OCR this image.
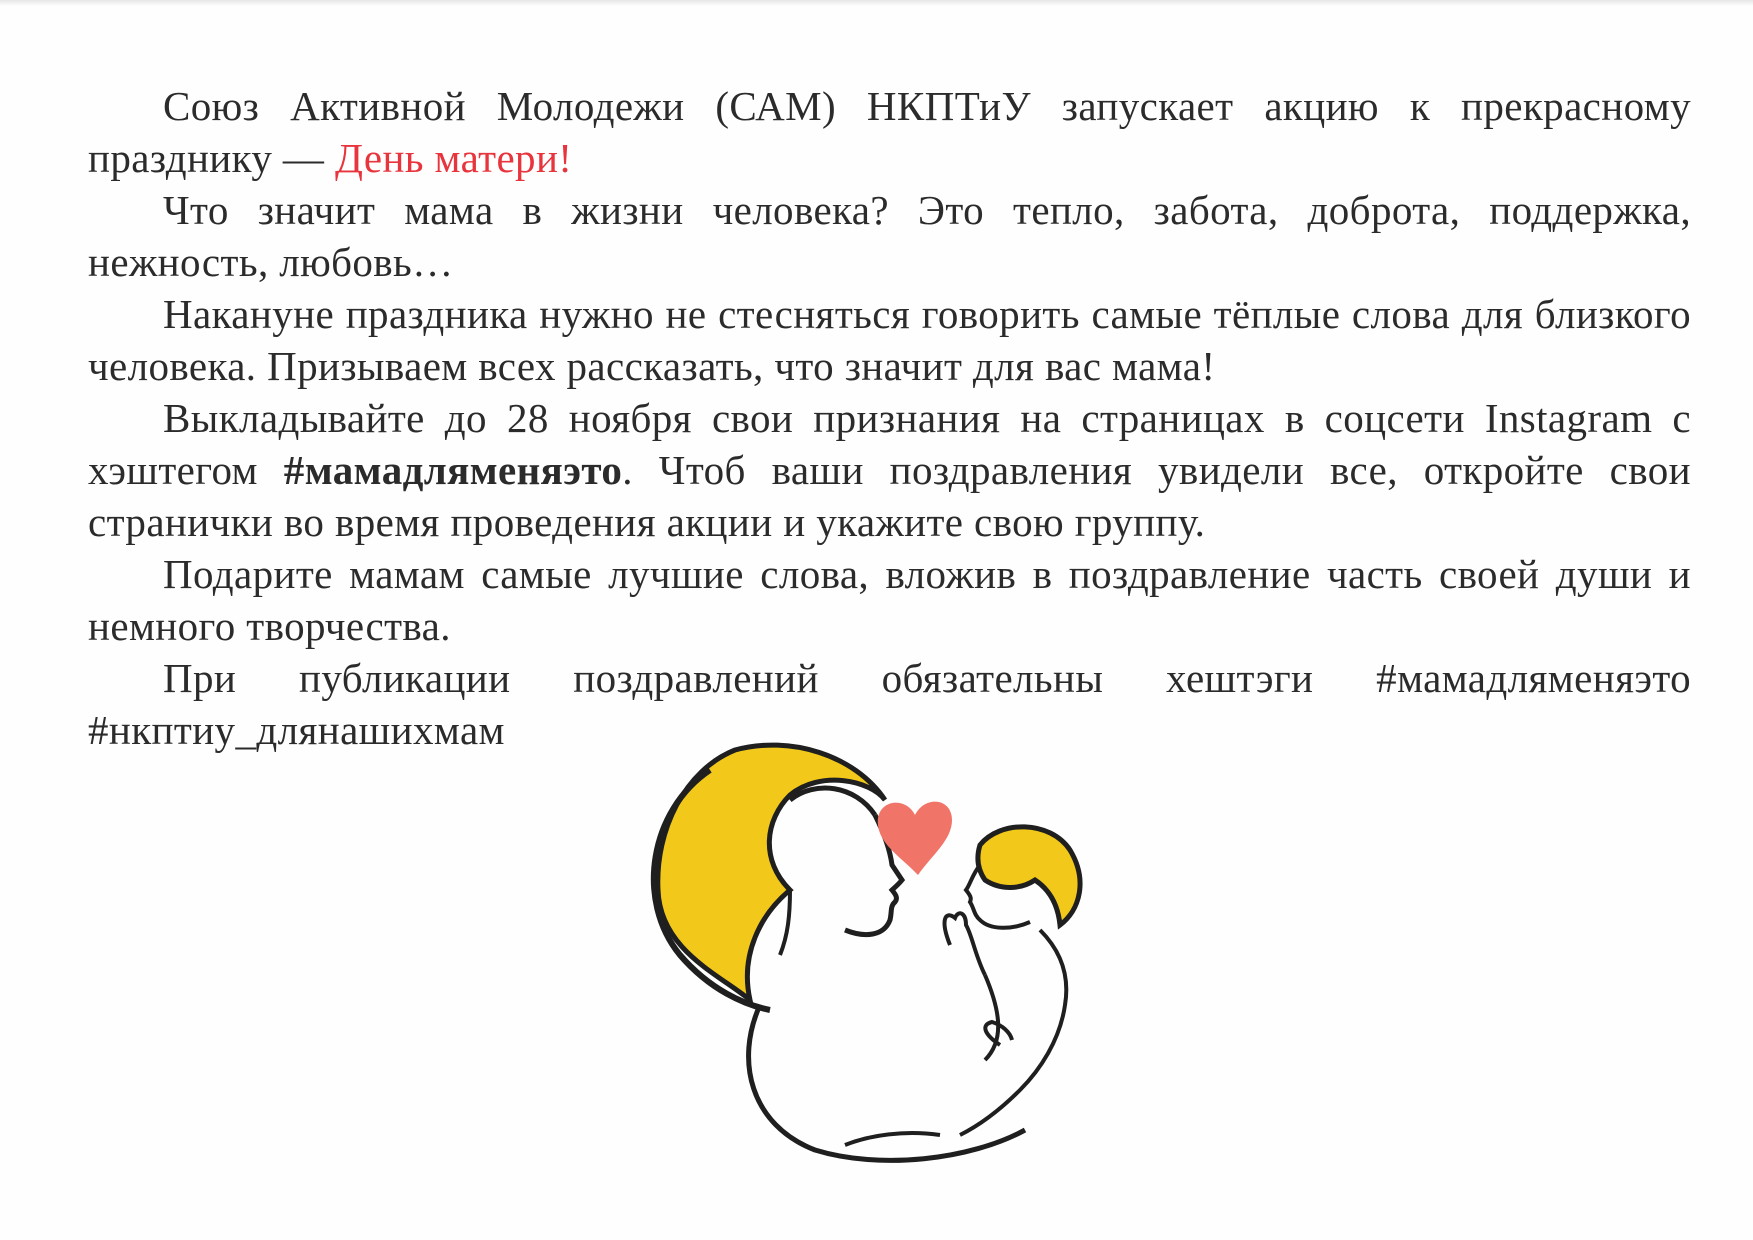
Союз Активной Молодежи (САМ) НКПТиУ запускает акцию к прекрасному празднику — День матери!

Что значит мама в жизни человека? Это тепло, забота, доброта, поддержка, нежность, любовь…

Накануне праздника нужно не стесняться говорить самые тёплые слова для близкого человека. Призываем всех рассказать, что значит для вас мама!

Выкладывайте до 28 ноября свои признания на страницах в соцсети Instagram с хэштегом #мамадляменяэто. Чтоб ваши поздравления увидели все, откройте свои странички во время проведения акции и укажите свою группу.

Подарите мамам самые лучшие слова, вложив в поздравление часть своей души и немного творчества.

При публикации поздравлений обязательны хештэги #мамадляменяэто #нкптиу_длянашихмам
